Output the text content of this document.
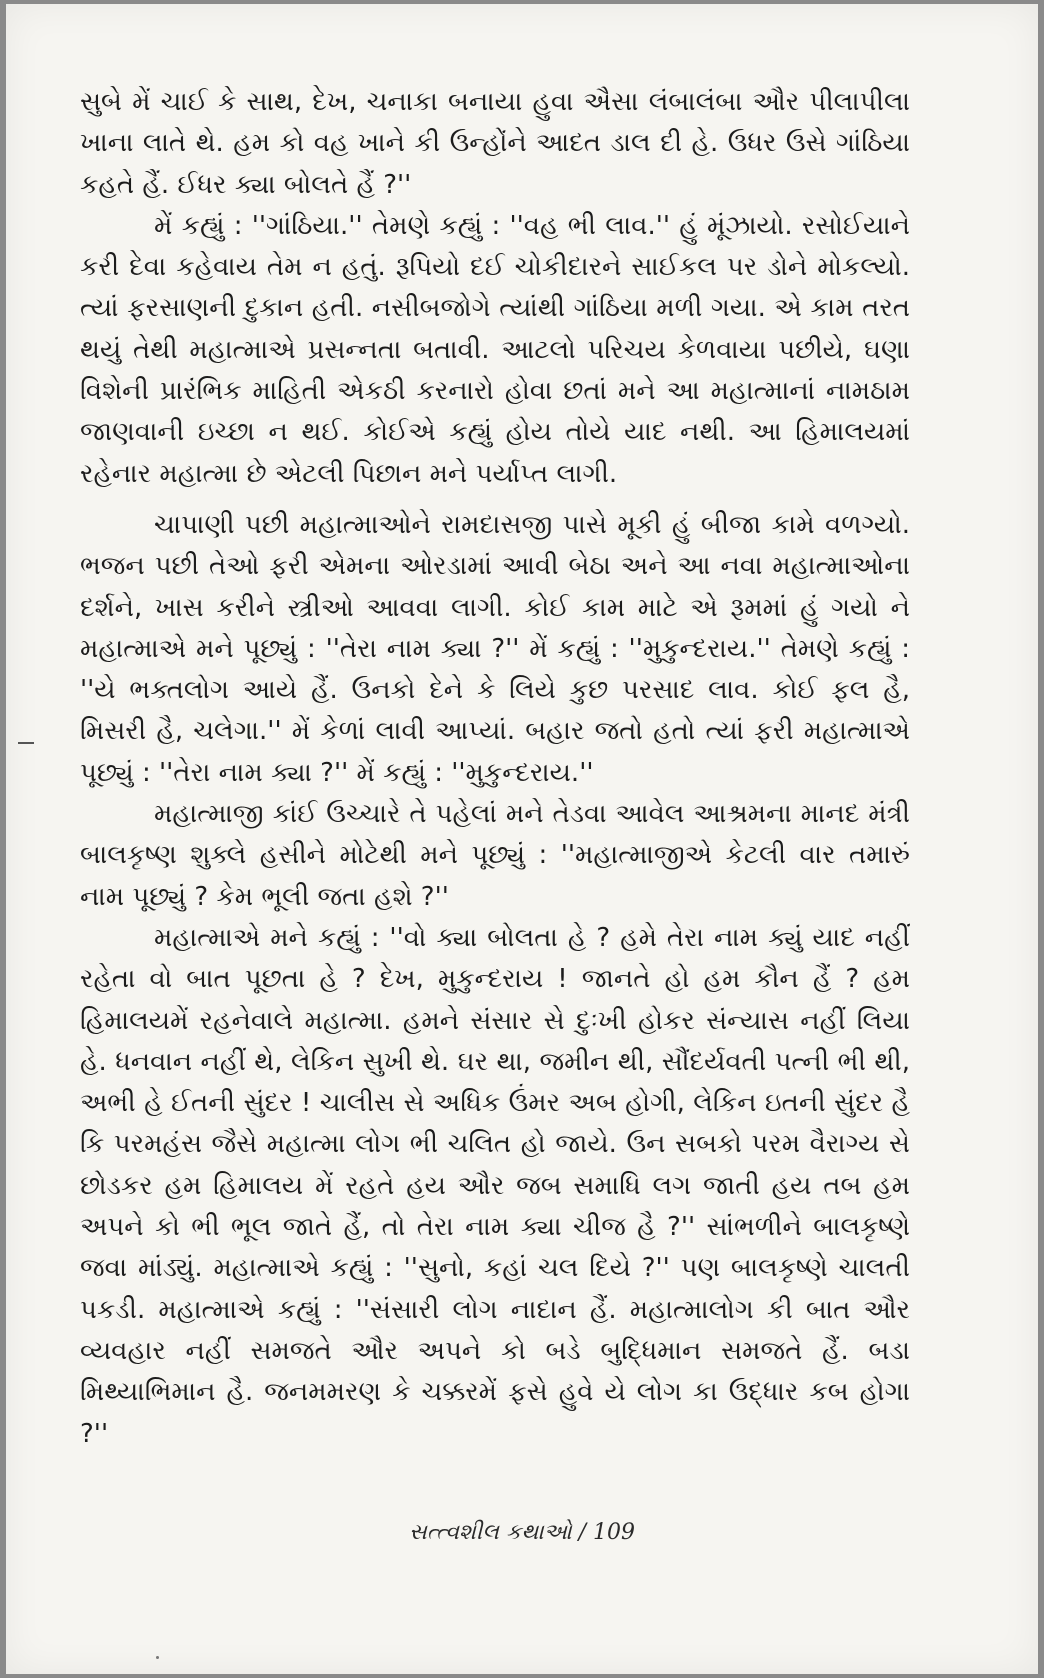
સુબે મેં ચાઈ કે સાથ, દેખ, ચનાકા બનાયા હુવા ઐસા લંબાલંબા ઔર પીલાપીલા ખાના લાતે થે. હમ કો વહ ખાને કી ઉન્હોંને આદત ડાલ દી હે. ઉધર ઉસે ગાંઠિયા કહતે હૈં. ઈધર ક્યા બોલતે હૈં ?''

મેં કહ્યું : ''ગાંઠિયા.'' તેમણે કહ્યું : ''વહ ભી લાવ.'' હું મૂંઝાયો. રસોઈયાને કરી દેવા કહેવાય તેમ ન હતું. રૂપિયો દઈ ચોકીદારને સાઈકલ પર ડોને મોકલ્યો. ત્યાં ફરસાણની દુકાન હતી. નસીબજોગે ત્યાંથી ગાંઠિયા મળી ગયા. એ કામ તરત થયું તેથી મહાત્માએ પ્રસન્નતા બતાવી. આટલો પરિચય કેળવાયા પછીયે, ઘણા વિશેની પ્રારંભિક માહિતી એકઠી કરનારો હોવા છતાં મને આ મહાત્માનાં નામઠામ જાણવાની ઇચ્છા ન થઈ. કોઈએ કહ્યું હોય તોયે યાદ નથી. આ હિમાલયમાં રહેનાર મહાત્મા છે એટલી પિછાન મને પર્યાપ્ત લાગી.

ચાપાણી પછી મહાત્માઓને રામદાસજી પાસે મૂકી હું બીજા કામે વળગ્યો. ભજન પછી તેઓ ફરી એમના ઓરડામાં આવી બેઠા અને આ નવા મહાત્માઓના દર્શને, ખાસ કરીને સ્ત્રીઓ આવવા લાગી. કોઈ કામ માટે એ રૂમમાં હું ગયો ને મહાત્માએ મને પૂછ્યું : ''તેરા નામ ક્યા ?'' મેં કહ્યું : ''મુકુન્દરાય.'' તેમણે કહ્યું : ''યે ભક્તલોગ આયે હૈં. ઉનકો દેને કે લિયે કુછ પરસાદ લાવ. કોઈ ફલ હૈ, મિસરી હૈ, ચલેગા.'' મેં કેળાં લાવી આપ્યાં. બહાર જતો હતો ત્યાં ફરી મહાત્માએ પૂછ્યું : ''તેરા નામ ક્યા ?'' મેં કહ્યું : ''મુકુન્દરાય.''

મહાત્માજી કાંઈ ઉચ્ચારે તે પહેલાં મને તેડવા આવેલ આશ્રમના માનદ મંત્રી બાલકૃષ્ણ શુક્લે હસીને મોટેથી મને પૂછ્યું : ''મહાત્માજીએ કેટલી વાર તમારું નામ પૂછ્યું ? કેમ ભૂલી જતા હશે ?''

મહાત્માએ મને કહ્યું : ''વો ક્યા બોલતા હે ? હમે તેરા નામ ક્યું યાદ નહીં રહેતા વો બાત પૂછતા હે ? દેખ, મુકુન્દરાય ! જાનતે હો હમ કૌન હૈં ? હમ હિમાલયમેં રહનેવાલે મહાત્મા. હમને સંસાર સે દુઃખી હોકર સંન્યાસ નહીં લિયા હે. ધનવાન નહીં થે, લેકિન સુખી થે. ઘર થા, જમીન થી, સૌંદર્યવતી પત્ની ભી થી, અભી હે ઈતની સુંદર ! ચાલીસ સે અધિક ઉંમર અબ હોગી, લેકિન ઇતની સુંદર હૈ કિ પરમહંસ જૈસે મહાત્મા લોગ ભી ચલિત હો જાયે. ઉન સબકો પરમ વૈરાગ્ય સે છોડકર હમ હિમાલય મેં રહતે હય ઔર જબ સમાધિ લગ જાતી હય તબ હમ અપને કો ભી ભૂલ જાતે હૈં, તો તેરા નામ ક્યા ચીજ હૈ ?'' સાંભળીને બાલકૃષ્ણે જવા માંડ્યું. મહાત્માએ કહ્યું : ''સુનો, કહાં ચલ દિયે ?'' પણ બાલકૃષ્ણે ચાલતી પકડી. મહાત્માએ કહ્યું : ''સંસારી લોગ નાદાન હૈં. મહાત્માલોગ કી બાત ઔર વ્યવહાર નહીં સમજતે ઔર અપને કો બડે બુદ્ધિમાન સમજતે હૈં. બડા મિથ્યાભિમાન હૈ. જનમમરણ કે ચક્કરમેં ફસે હુવે યે લોગ કા ઉદ્ધાર કબ હોગા ?''

સત્ત્વશીલ કથાઓ / 109
